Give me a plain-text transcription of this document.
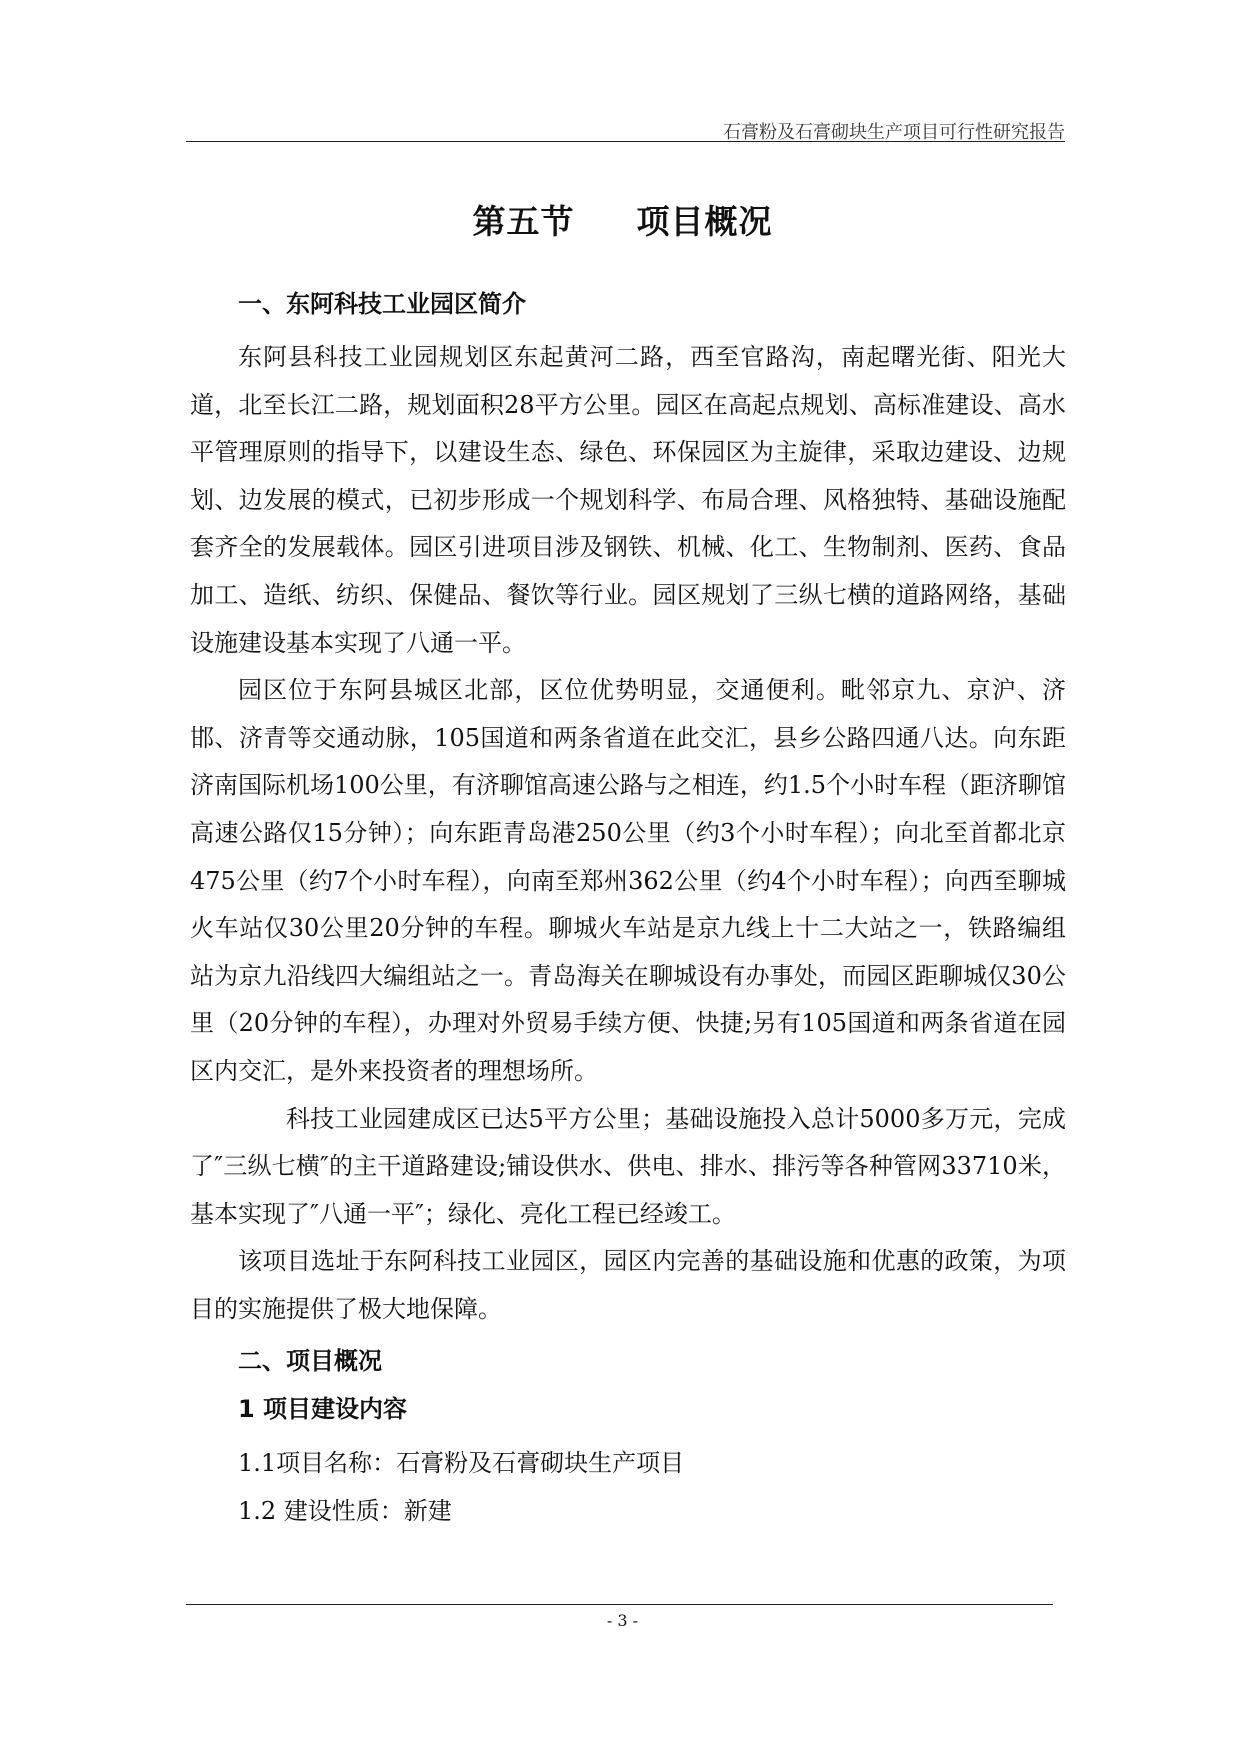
石膏粉及石膏砌块生产项目可行性研究报告
第五节 项目概况
一、东阿科技工业园区简介

东阿县科技工业园规划区东起黄河二路，西至官路沟，南起曙光街、阳光大道，北至长江二路，规划面积28平方公里。园区在高起点规划、高标准建设、高水平管理原则的指导下，以建设生态、绿色、环保园区为主旋律，采取边建设、边规划、边发展的模式，已初步形成一个规划科学、布局合理、风格独特、基础设施配套齐全的发展载体。园区引进项目涉及钢铁、机械、化工、生物制剂、医药、食品加工、造纸、纺织、保健品、餐饮等行业。园区规划了三纵七横的道路网络，基础设施建设基本实现了八通一平。

园区位于东阿县城区北部，区位优势明显，交通便利。毗邻京九、京沪、济邯、济青等交通动脉，105国道和两条省道在此交汇，县乡公路四通八达。向东距济南国际机场100公里，有济聊馆高速公路与之相连，约1.5个小时车程（距济聊馆高速公路仅15分钟）；向东距青岛港250公里（约3个小时车程）；向北至首都北京475公里（约7个小时车程），向南至郑州362公里（约4个小时车程）；向西至聊城火车站仅30公里20分钟的车程。聊城火车站是京九线上十二大站之一，铁路编组站为京九沿线四大编组站之一。青岛海关在聊城设有办事处，而园区距聊城仅30公里（20分钟的车程），办理对外贸易手续方便、快捷;另有105国道和两条省道在园区内交汇，是外来投资者的理想场所。

科技工业园建成区已达5平方公里；基础设施投入总计5000多万元，完成了″三纵七横″的主干道路建设;铺设供水、供电、排水、排污等各种管网33710米，基本实现了″八通一平″；绿化、亮化工程已经竣工。

该项目选址于东阿科技工业园区，园区内完善的基础设施和优惠的政策，为项目的实施提供了极大地保障。

二、项目概况
1 项目建设内容

1.1项目名称：石膏粉及石膏砌块生产项目

1.2 建设性质：新建

- 3 -
